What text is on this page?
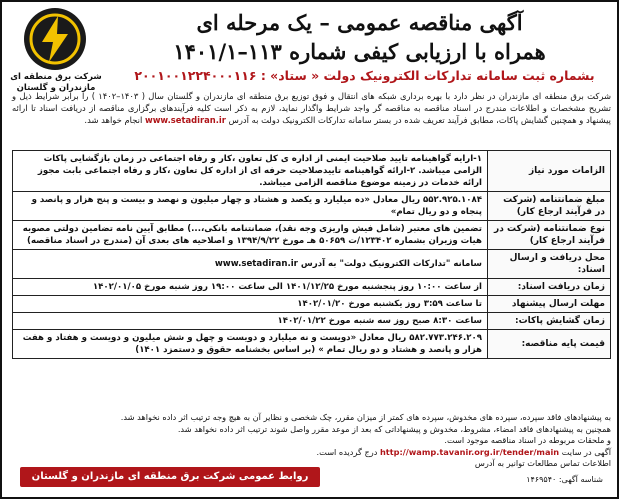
شرکت برق منطقه ای
مازندران و گلستان
آگهی مناقصه عمومی – یک مرحله ای
همراه با ارزیابی کیفی شماره ۱۱۳–۱۴۰۱/۱
بشماره ثبت سامانه تدارکات الکترونیک دولت « ستاد» : ۲۰۰۱۰۰۱۲۲۴۰۰۰۱۱۶
شرکت برق منطقه ای مازندران در نظر دارد با بهره برداری شبکه های انتقال و فوق توزیع برق منطقه ای مازندران و گلستان سال ( ۱۴۰۳–۱۴۰۲ ) را برابر شرایط ذیل و تشریح مشخصات و اطلاعات مندرج در اسناد مناقصه به مناقصه گر واجد شرایط واگذار نماید، لازم به ذکر است کلیه فرآیندهای برگزاری مناقصه از دریافت اسناد تا ارائه پیشنهاد و همچنین گشایش پاکات، مطابق فرآیند تعریف شده در بستر سامانه تدارکات الکترونیک دولت به آدرس www.setadiran.ir انجام خواهد شد.
الزامات مورد نیاز	۱-ارایه گواهینامه تایید صلاحیت ایمنی از اداره ی کل تعاون ،کار و رفاه اجتماعی در زمان بازگشایی پاکات الزامی میباشد. ۲-ارائه گواهینامه تاییدصلاحیت حرفه ای از اداره کل تعاون ،کار و رفاه اجتماعی بابت مجوز ارائه خدمات در زمینه موضوع مناقصه الزامی میباشد.
مبلغ ضمانتنامه (شرکت در فرآیند ارجاع کار)	۵۵۲.۹۲۵.۱۰۸۴ ریال معادل «ده میلیارد و یکصد و هشتاد و چهار میلیون و نهصد و بیست و پنج هزار و پانصد و پنجاه و دو ریال تمام»
نوع ضمانتنامه (شرکت در فرآیند ارجاع کار)	تضمین های معتبر (شامل فیش واریزی وجه نقد)، ضمانتنامه بانکی،...) مطابق آیین نامه تضامین دولتی مصوبه هیات وزیران بشماره ۱۲۳۴۰۲/ت ۵۰۶۵۹ هـ مورخ ۱۳۹۴/۹/۲۲ و اصلاحیه های بعدی آن (مندرج در اسناد مناقصه)
محل دریافت و ارسال اسناد:	سامانه "تدارکات الکترونیک دولت" به آدرس www.setadiran.ir
زمان دریافت اسناد:	از ساعت ۱۰:۰۰ روز پنجشنبه مورخ ۱۴۰۱/۱۲/۲۵ الی ساعت ۱۹:۰۰ روز شنبه مورخ ۱۴۰۲/۰۱/۰۵
مهلت ارسال پیشنهاد	تا ساعت ۳:۵۹ روز یکشنبه مورخ ۱۴۰۲/۰۱/۲۰
زمان گشایش پاکات:	ساعت ۸:۳۰ صبح روز سه شنبه مورخ ۱۴۰۲/۰۱/۲۲
قیمت پایه مناقصه:	۵۸۲.۷۷۳.۲۴۶.۲۰۹ ریال معادل «دویست و نه میلیارد و دویست و چهل و شش میلیون و دویست و هفتاد و هفت هزار و پانصد و هشتاد و دو ریال تمام » (بر اساس بخشنامه حقوق و دستمزد ۱۴۰۱)
به پیشنهادهای فاقد سپرده، سپرده های مخدوش، سپرده های کمتر از میزان مقرر، چک شخصی و نظایر آن به هیچ وجه ترتیب اثر داده نخواهد شد.
همچنین به پیشنهادهای فاقد امضاء، مشروط، مخدوش و پیشنهاداتی که بعد از موعد مقرر واصل شوند ترتیب اثر داده نخواهد شد.
و ملحقات مربوطه در اسناد مناقصه موجود است.
آگهی در سایت http://wamp.tavanir.org.ir/tender/main درج گردیده است.
اطلاعات تماس مطالعات توانیر به آدرس
شناسه آگهی: ۱۴۶۹۵۴۰
روابط عمومی شرکت برق منطقه ای مازندران و گلستان
